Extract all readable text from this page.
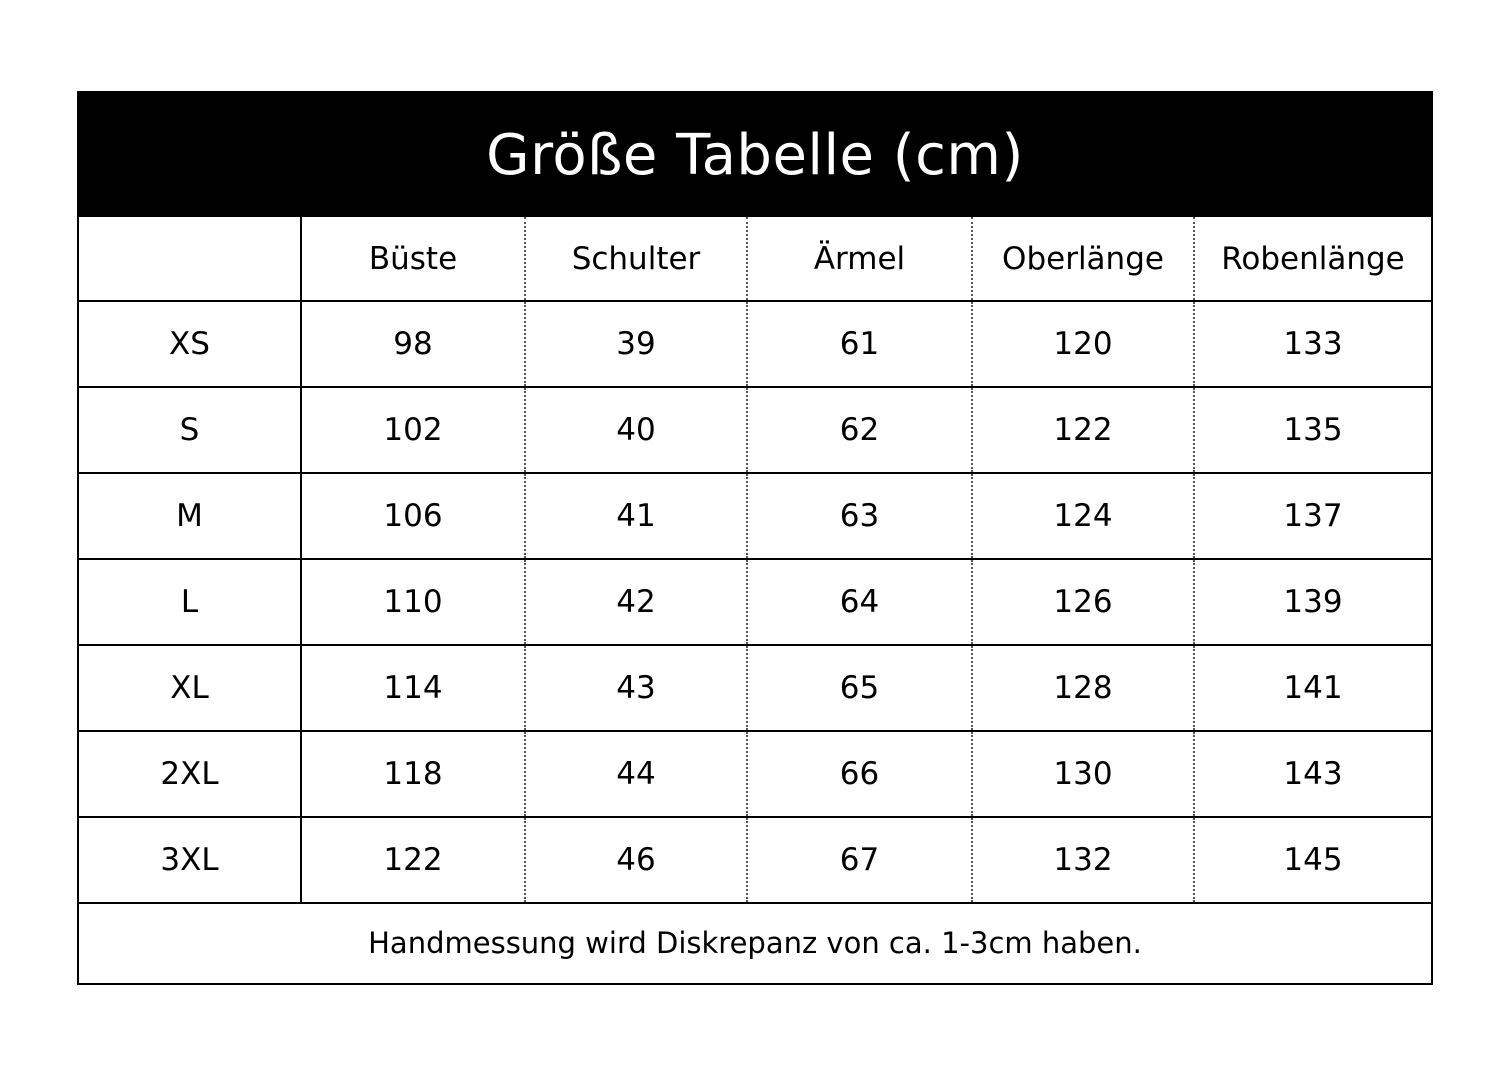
Größe Tabelle (cm)
	Büste	Schulter	Ärmel	Oberlänge	Robenlänge
XS	98	39	61	120	133
S	102	40	62	122	135
M	106	41	63	124	137
L	110	42	64	126	139
XL	114	43	65	128	141
2XL	118	44	66	130	143
3XL	122	46	67	132	145
Handmessung wird Diskrepanz von ca. 1-3cm haben.
